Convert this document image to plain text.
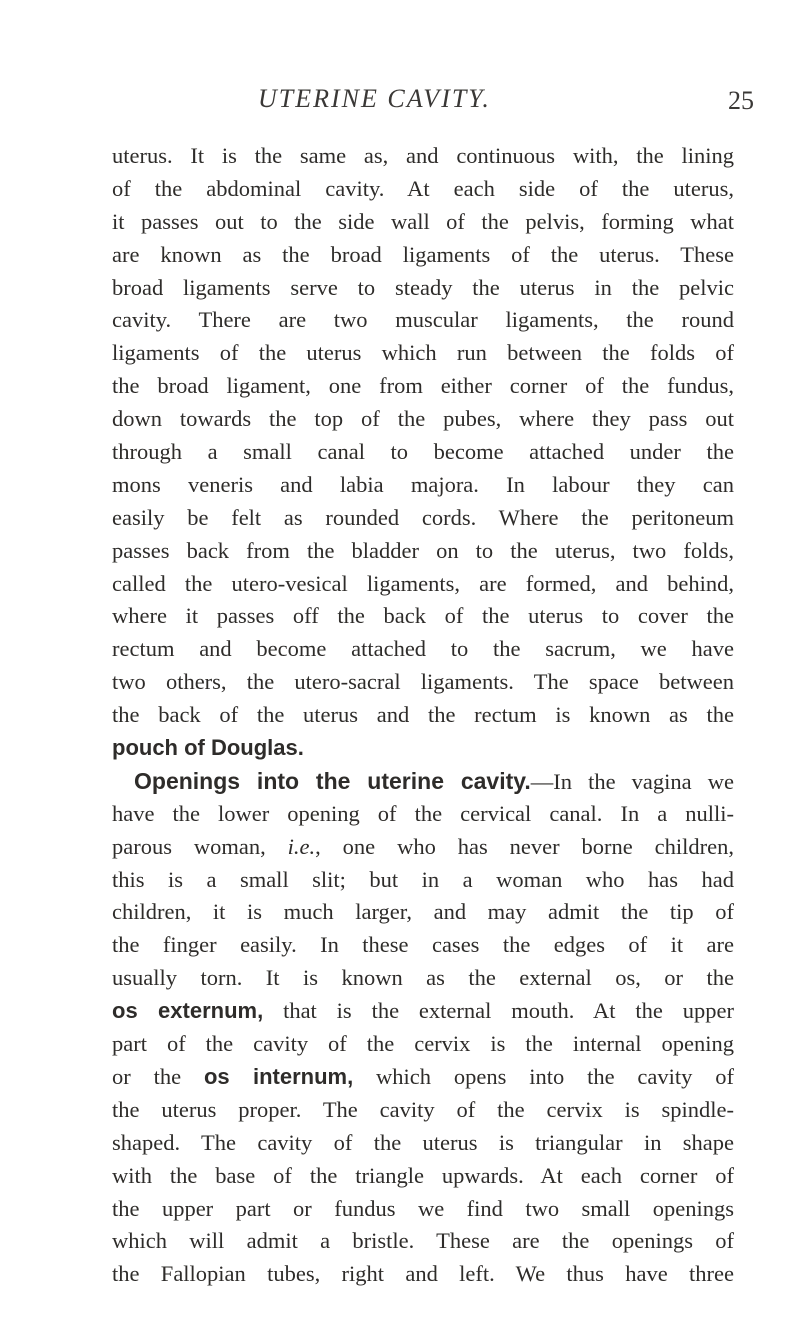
UTERINE CAVITY.	25
uterus. It is the same as, and continuous with, the lining
of the abdominal cavity. At each side of the uterus,
it passes out to the side wall of the pelvis, forming what
are known as the broad ligaments of the uterus. These
broad ligaments serve to steady the uterus in the pelvic
cavity. There are two muscular ligaments, the round
ligaments of the uterus which run between the folds of
the broad ligament, one from either corner of the fundus,
down towards the top of the pubes, where they pass out
through a small canal to become attached under the
mons veneris and labia majora. In labour they can
easily be felt as rounded cords. Where the peritoneum
passes back from the bladder on to the uterus, two folds,
called the utero-vesical ligaments, are formed, and behind,
where it passes off the back of the uterus to cover the
rectum and become attached to the sacrum, we have
two others, the utero-sacral ligaments. The space between
the back of the uterus and the rectum is known as the
pouch of Douglas.
Openings into the uterine cavity.—In the vagina we
have the lower opening of the cervical canal. In a nulli-
parous woman, i.e., one who has never borne children,
this is a small slit; but in a woman who has had
children, it is much larger, and may admit the tip of
the finger easily. In these cases the edges of it are
usually torn. It is known as the external os, or the
os externum, that is the external mouth. At the upper
part of the cavity of the cervix is the internal opening
or the os internum, which opens into the cavity of
the uterus proper. The cavity of the cervix is spindle-
shaped. The cavity of the uterus is triangular in shape
with the base of the triangle upwards. At each corner of
the upper part or fundus we find two small openings
which will admit a bristle. These are the openings of
the Fallopian tubes, right and left. We thus have three
